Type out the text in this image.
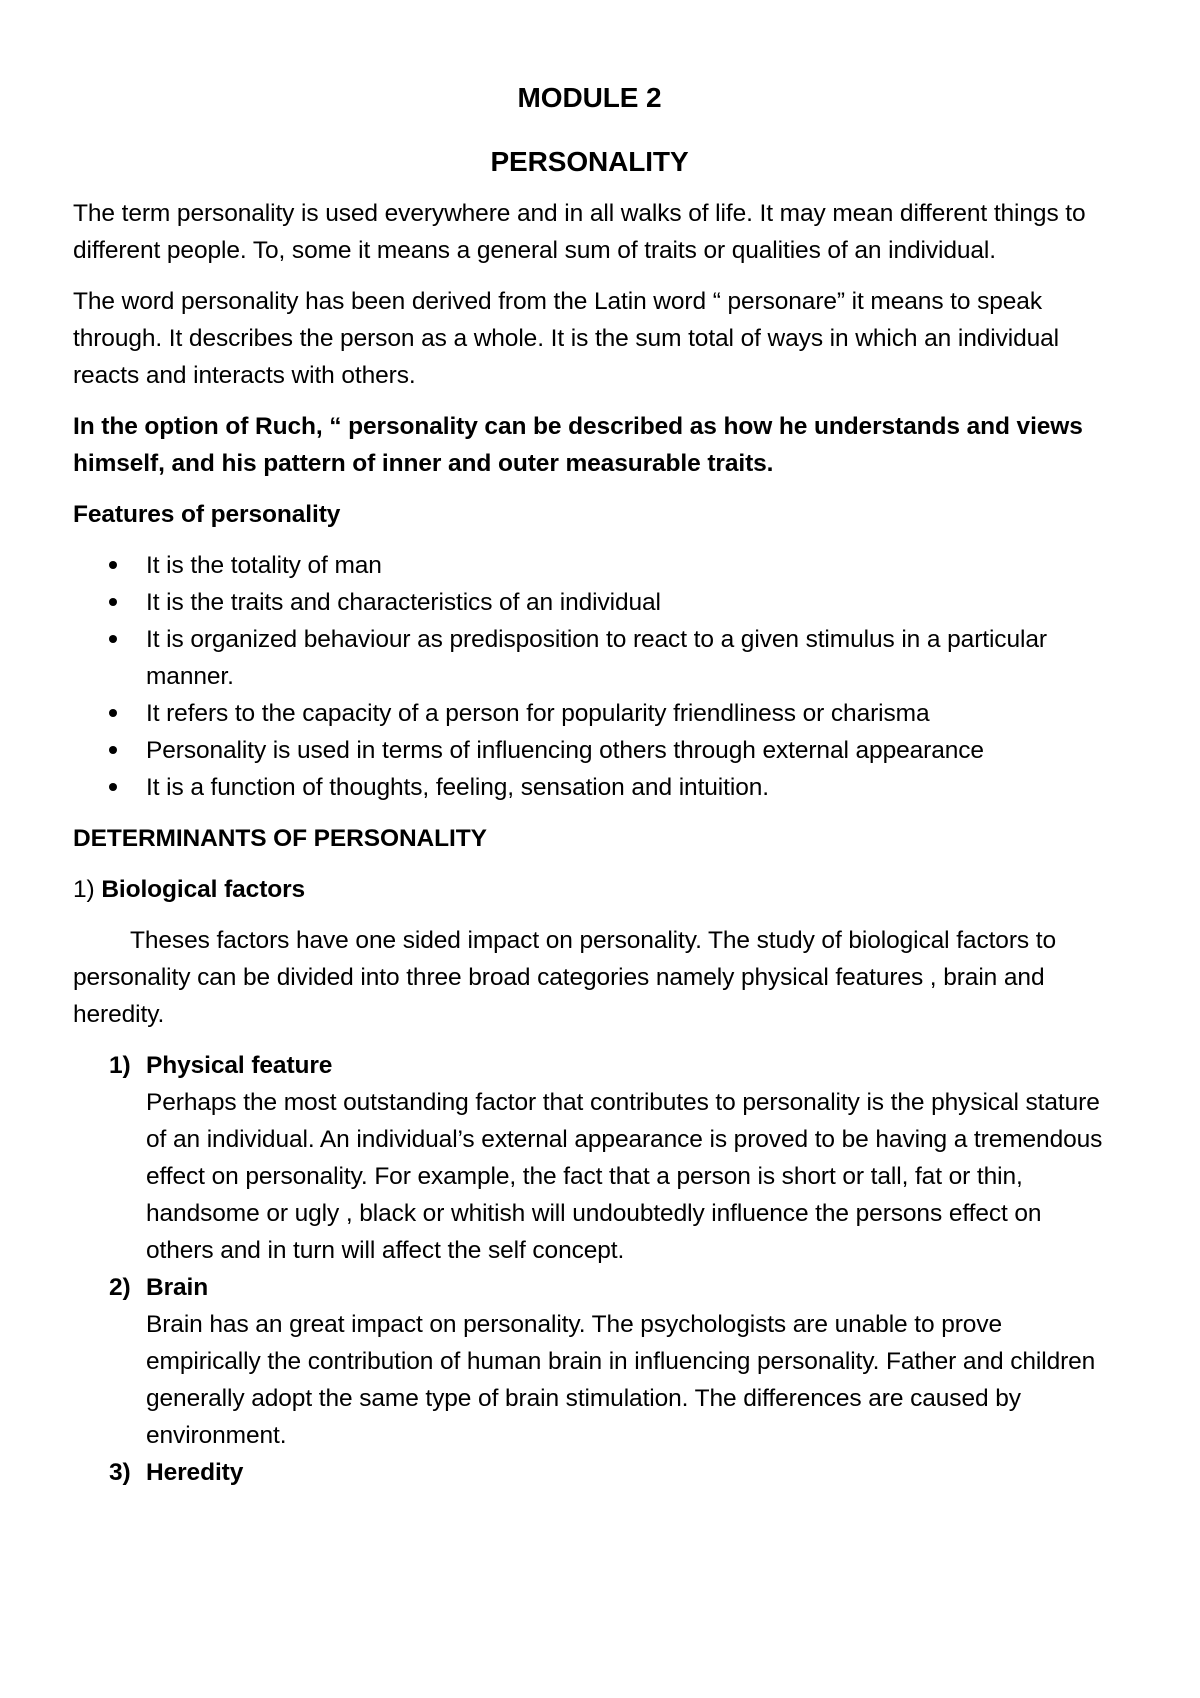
MODULE 2
PERSONALITY

The term personality is used everywhere and in all walks of life. It may mean different things to different people. To, some it means a general sum of traits or qualities of an individual.

The word personality has been derived from the Latin word “ personare” it means to speak through. It describes the person as a whole. It is the sum total of ways in which an individual reacts and interacts with others.

In the option of Ruch, “ personality can be described as how he understands and views himself, and his pattern of inner and outer measurable traits.

Features of personality

It is the totality of man
It is the traits and characteristics of an individual
It is organized behaviour as predisposition to react to a given stimulus in a particular manner.
It refers to the capacity of a person for popularity friendliness or charisma
Personality is used in terms of influencing others through external appearance
It is a function of thoughts, feeling, sensation and intuition.

DETERMINANTS OF PERSONALITY

1) Biological factors

Theses factors have one sided impact on personality. The study of biological factors to personality can be divided into three broad categories namely physical features , brain and heredity.

1) Physical feature
Perhaps the most outstanding factor that contributes to personality is the physical stature of an individual. An individual’s external appearance is proved to be having a tremendous effect on personality. For example, the fact that a person is short or tall, fat or thin, handsome or ugly , black or whitish will undoubtedly influence the persons effect on others and in turn will affect the self concept.
2) Brain
Brain has an great impact on personality. The psychologists are unable to prove empirically the contribution of human brain in influencing personality. Father and children generally adopt the same type of brain stimulation. The differences are caused by environment.
3) Heredity
